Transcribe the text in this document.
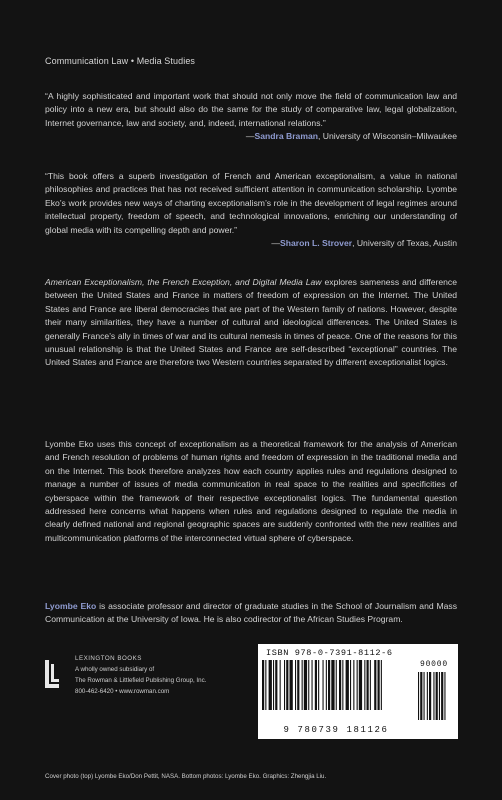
Communication Law • Media Studies
“A highly sophisticated and important work that should not only move the field of communication law and policy into a new era, but should also do the same for the study of comparative law, legal globalization, Internet governance, law and society, and, indeed, international relations.”
—Sandra Braman, University of Wisconsin–Milwaukee
“This book offers a superb investigation of French and American exceptionalism, a value in national philosophies and practices that has not received sufficient attention in communication scholarship. Lyombe Eko’s work provides new ways of charting exceptionalism’s role in the development of legal regimes around intellectual property, freedom of speech, and technological innovations, enriching our understanding of global media with its compelling depth and power.”
—Sharon L. Strover, University of Texas, Austin

American Exceptionalism, the French Exception, and Digital Media Law explores sameness and difference between the United States and France in matters of freedom of expression on the Internet. The United States and France are liberal democracies that are part of the Western family of nations. However, despite their many similarities, they have a number of cultural and ideological differences. The United States is generally France’s ally in times of war and its cultural nemesis in times of peace. One of the reasons for this unusual relationship is that the United States and France are self-described “exceptional” countries. The United States and France are therefore two Western countries separated by different exceptionalist logics.

Lyombe Eko uses this concept of exceptionalism as a theoretical framework for the analysis of American and French resolution of problems of human rights and freedom of expression in the traditional media and on the Internet. This book therefore analyzes how each country applies rules and regulations designed to manage a number of issues of media communication in real space to the realities and specificities of cyberspace within the framework of their respective exceptionalist logics. The fundamental question addressed here concerns what happens when rules and regulations designed to regulate the media in clearly defined national and regional geographic spaces are suddenly confronted with the new realities and multicommunication platforms of the interconnected virtual sphere of cyberspace.

Lyombe Eko is associate professor and director of graduate studies in the School of Journalism and Mass Communication at the University of Iowa. He is also codirector of the African Studies Program.

LEXINGTON BOOKS
A wholly owned subsidiary of
The Rowman & Littlefield Publishing Group, Inc.
800-462-6420 • www.rowman.com
ISBN 978-0-7391-8112-6
90000
9 780739 181126
Cover photo (top) Lyombe Eko/Don Pettit, NASA. Bottom photos: Lyombe Eko. Graphics: Zhengjia Liu.
